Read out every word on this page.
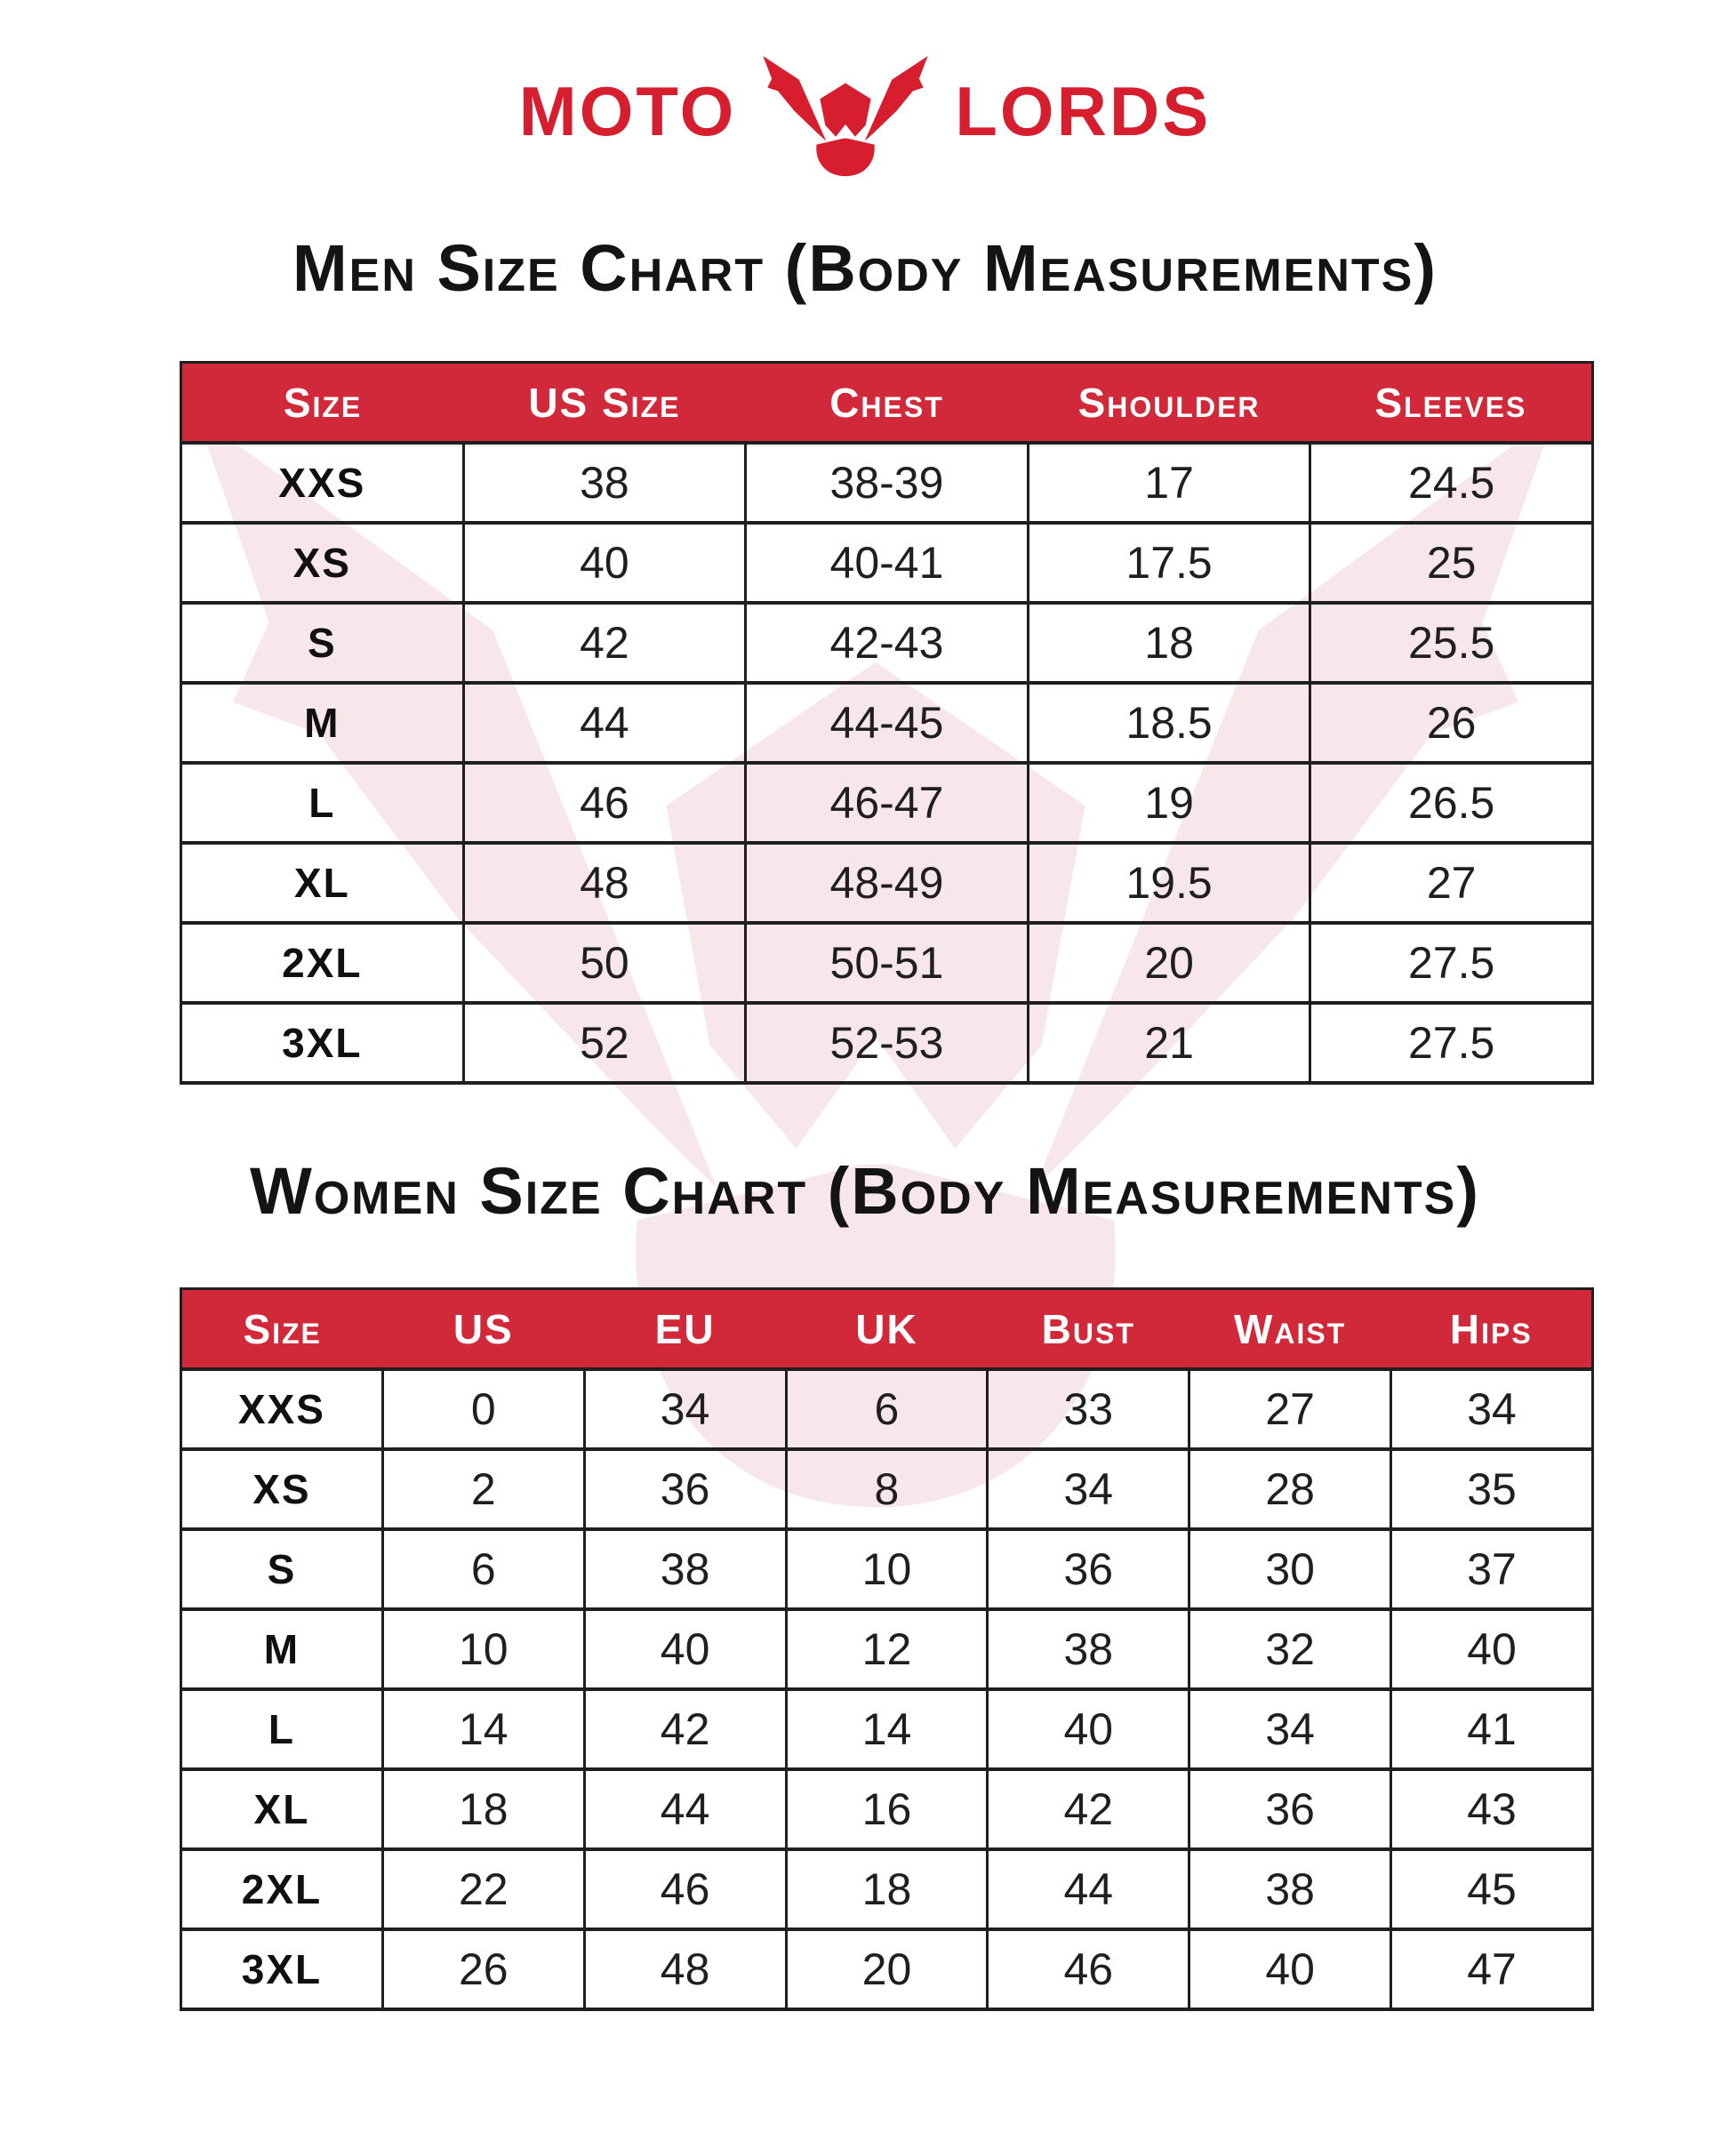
MOTO	LORDS
Men Size Chart (Body Measurements)
Size	US Size	Chest	Shoulder	Sleeves
XXS	38	38-39	17	24.5
XS	40	40-41	17.5	25
S	42	42-43	18	25.5
M	44	44-45	18.5	26
L	46	46-47	19	26.5
XL	48	48-49	19.5	27
2XL	50	50-51	20	27.5
3XL	52	52-53	21	27.5
Women Size Chart (Body Measurements)
Size	US	EU	UK	Bust	Waist	Hips
XXS	0	34	6	33	27	34
XS	2	36	8	34	28	35
S	6	38	10	36	30	37
M	10	40	12	38	32	40
L	14	42	14	40	34	41
XL	18	44	16	42	36	43
2XL	22	46	18	44	38	45
3XL	26	48	20	46	40	47
